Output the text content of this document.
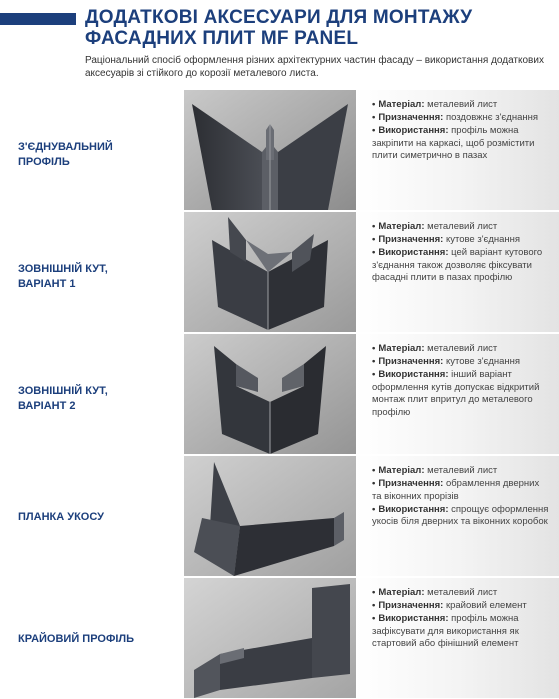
ДОДАТКОВІ АКСЕСУАРИ ДЛЯ МОНТАЖУ
ФАСАДНИХ ПЛИТ MF PANEL

Раціональний спосіб оформлення різних архітектурних частин фасаду – використання додаткових аксесуарів зі стійкого до корозії металевого листа.

З'ЄДНУВАЛЬНИЙ
ПРОФІЛЬ
• Матеріал: металевий лист
• Призначення: поздовжнє з'єднання
• Використання: профіль можна закріпити на каркасі, щоб розмістити плити симетрично в пазах
ЗОВНІШНІЙ КУТ,
ВАРІАНТ 1
• Матеріал: металевий лист
• Призначення: кутове з'єднання
• Використання: цей варіант кутового з'єднання також дозволяє фіксувати фасадні плити в пазах профілю
ЗОВНІШНІЙ КУТ,
ВАРІАНТ 2
• Матеріал: металевий лист
• Призначення: кутове з'єднання
• Використання: інший варіант оформлення кутів допускає відкритий монтаж плит впритул до металевого профілю
ПЛАНКА УКОСУ
• Матеріал: металевий лист
• Призначення: обрамлення дверних та віконних прорізів
• Використання: спрощує оформлення укосів біля дверних та віконних коробок
КРАЙОВИЙ ПРОФІЛЬ
• Матеріал: металевий лист
• Призначення: крайовий елемент
• Використання: профіль можна зафіксувати для використання як стартовий або фінішний елемент
